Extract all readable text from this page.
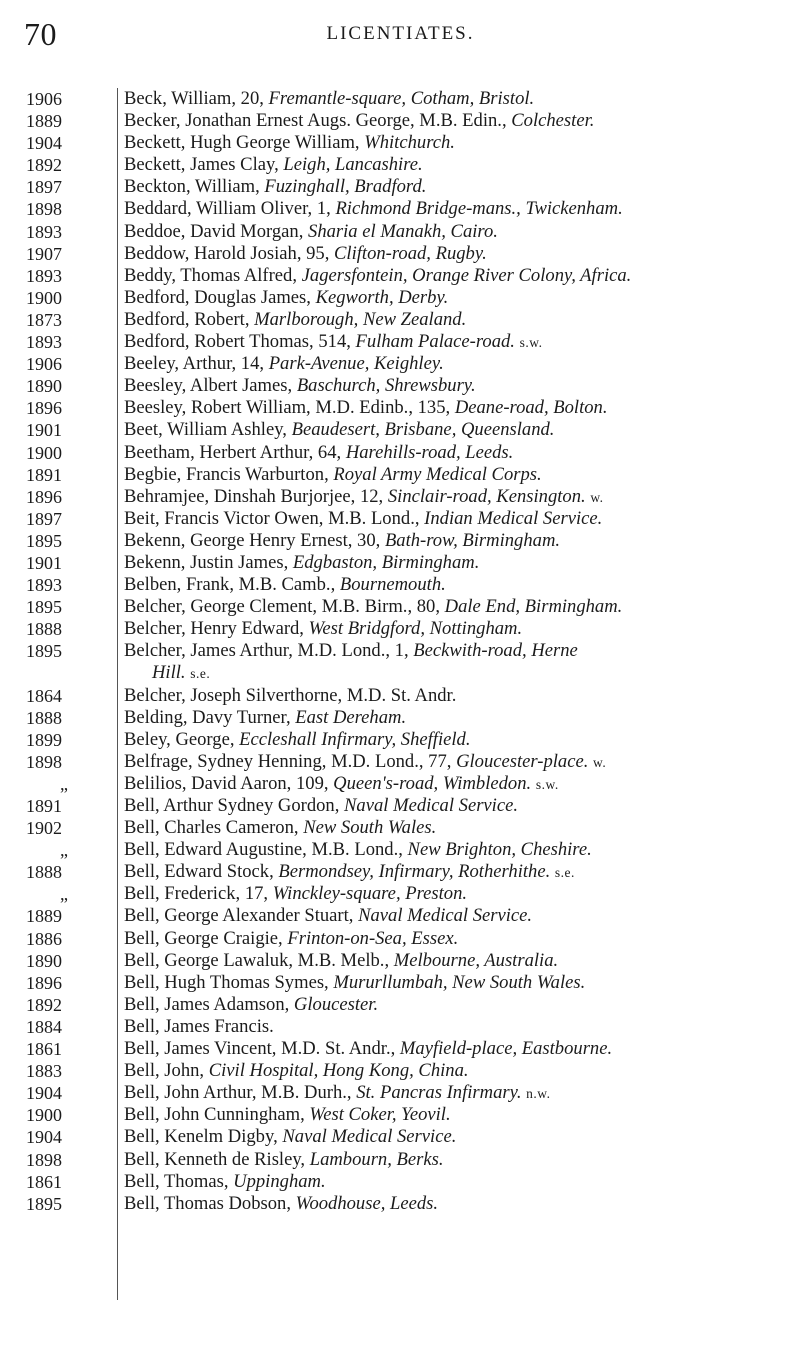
70	LICENTIATES.
1906	Beck, William, 20, Fremantle-square, Cotham, Bristol.
1889	Becker, Jonathan Ernest Augs. George, M.B. Edin., Colchester.
1904	Beckett, Hugh George William, Whitchurch.
1892	Beckett, James Clay, Leigh, Lancashire.
1897	Beckton, William, Fuzinghall, Bradford.
1898	Beddard, William Oliver, 1, Richmond Bridge-mans., Twickenham.
1893	Beddoe, David Morgan, Sharia el Manakh, Cairo.
1907	Beddow, Harold Josiah, 95, Clifton-road, Rugby.
1893	Beddy, Thomas Alfred, Jagersfontein, Orange River Colony, Africa.
1900	Bedford, Douglas James, Kegworth, Derby.
1873	Bedford, Robert, Marlborough, New Zealand.
1893	Bedford, Robert Thomas, 514, Fulham Palace-road. s.w.
1906	Beeley, Arthur, 14, Park-Avenue, Keighley.
1890	Beesley, Albert James, Baschurch, Shrewsbury.
1896	Beesley, Robert William, M.D. Edinb., 135, Deane-road, Bolton.
1901	Beet, William Ashley, Beaudesert, Brisbane, Queensland.
1900	Beetham, Herbert Arthur, 64, Harehills-road, Leeds.
1891	Begbie, Francis Warburton, Royal Army Medical Corps.
1896	Behramjee, Dinshah Burjorjee, 12, Sinclair-road, Kensington. w.
1897	Beit, Francis Victor Owen, M.B. Lond., Indian Medical Service.
1895	Bekenn, George Henry Ernest, 30, Bath-row, Birmingham.
1901	Bekenn, Justin James, Edgbaston, Birmingham.
1893	Belben, Frank, M.B. Camb., Bournemouth.
1895	Belcher, George Clement, M.B. Birm., 80, Dale End, Birmingham.
1888	Belcher, Henry Edward, West Bridgford, Nottingham.
1895	Belcher, James Arthur, M.D. Lond., 1, Beckwith-road, Herne
Hill. s.e.
1864	Belcher, Joseph Silverthorne, M.D. St. Andr.
1888	Belding, Davy Turner, East Dereham.
1899	Beley, George, Eccleshall Infirmary, Sheffield.
1898	Belfrage, Sydney Henning, M.D. Lond., 77, Gloucester-place. w.
„	Belilios, David Aaron, 109, Queen's-road, Wimbledon. s.w.
1891	Bell, Arthur Sydney Gordon, Naval Medical Service.
1902	Bell, Charles Cameron, New South Wales.
„	Bell, Edward Augustine, M.B. Lond., New Brighton, Cheshire.
1888	Bell, Edward Stock, Bermondsey, Infirmary, Rotherhithe. s.e.
„	Bell, Frederick, 17, Winckley-square, Preston.
1889	Bell, George Alexander Stuart, Naval Medical Service.
1886	Bell, George Craigie, Frinton-on-Sea, Essex.
1890	Bell, George Lawaluk, M.B. Melb., Melbourne, Australia.
1896	Bell, Hugh Thomas Symes, Mururllumbah, New South Wales.
1892	Bell, James Adamson, Gloucester.
1884	Bell, James Francis.
1861	Bell, James Vincent, M.D. St. Andr., Mayfield-place, Eastbourne.
1883	Bell, John, Civil Hospital, Hong Kong, China.
1904	Bell, John Arthur, M.B. Durh., St. Pancras Infirmary. n.w.
1900	Bell, John Cunningham, West Coker, Yeovil.
1904	Bell, Kenelm Digby, Naval Medical Service.
1898	Bell, Kenneth de Risley, Lambourn, Berks.
1861	Bell, Thomas, Uppingham.
1895	Bell, Thomas Dobson, Woodhouse, Leeds.
